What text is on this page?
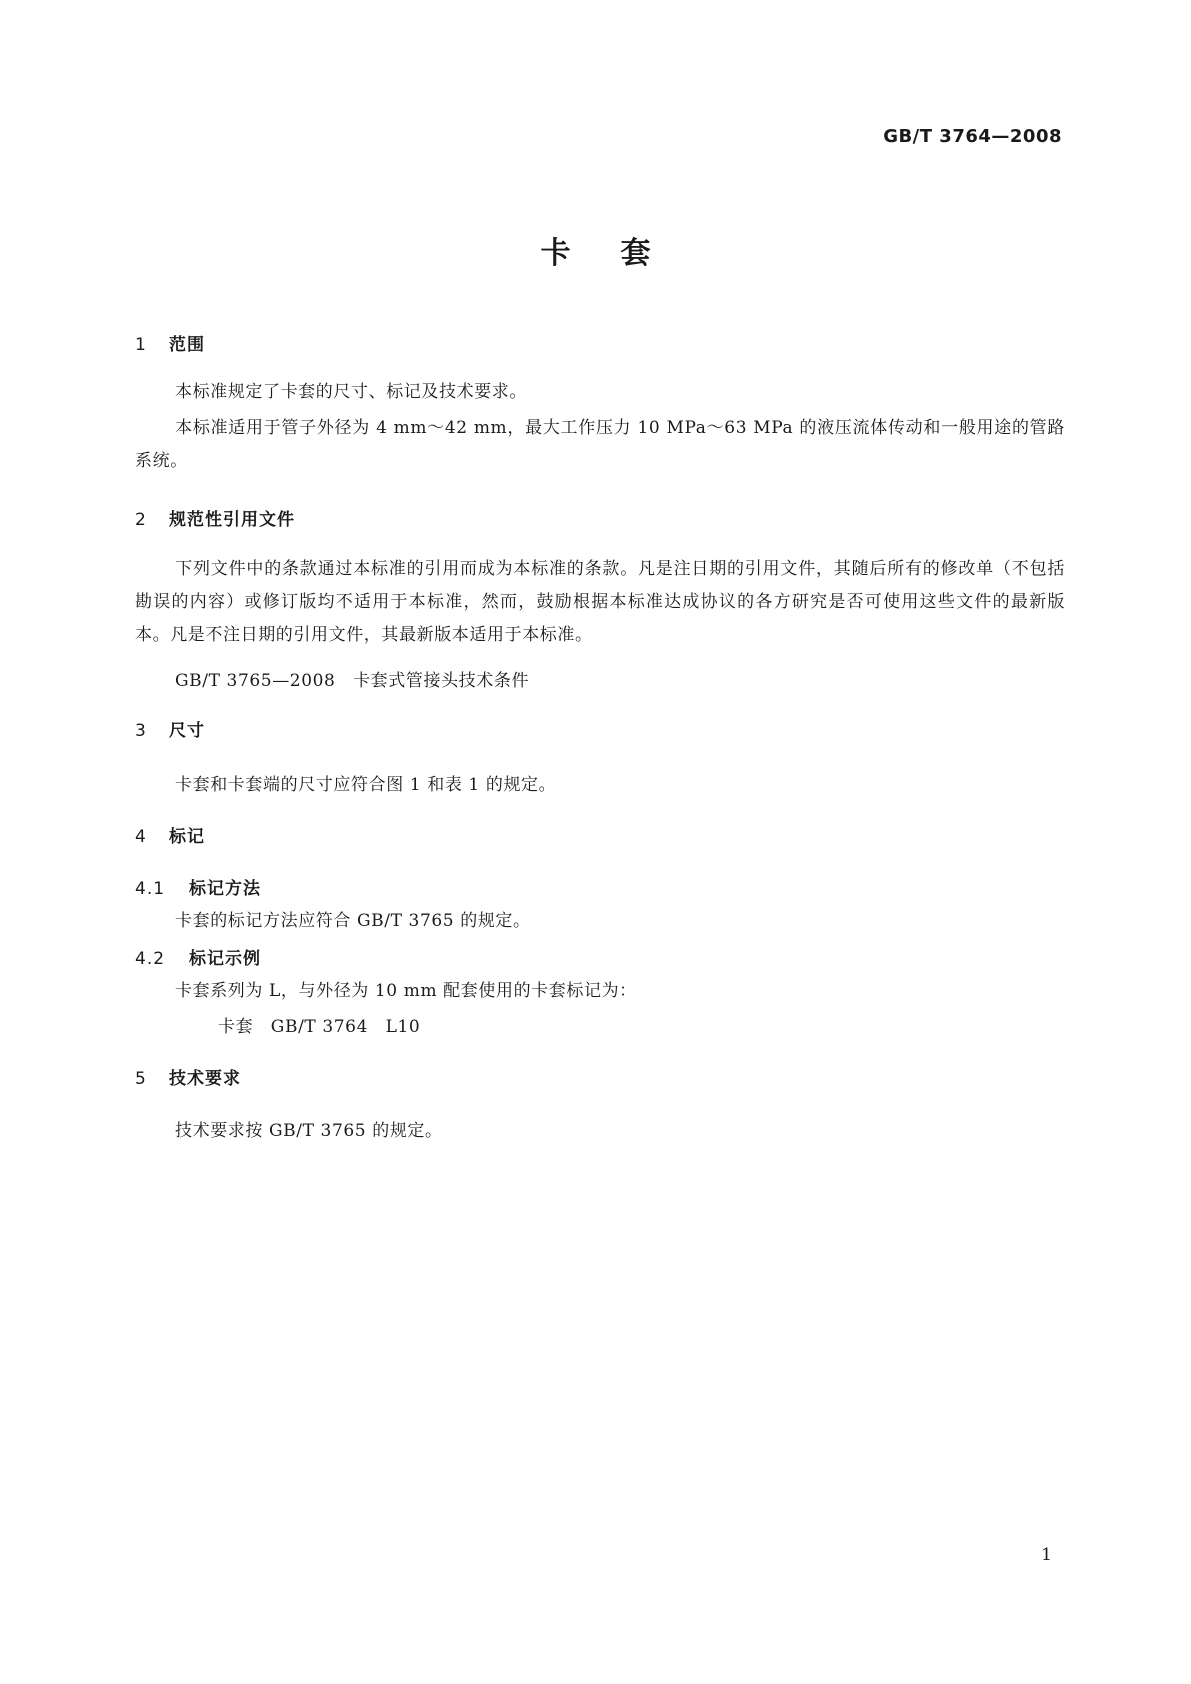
GB/T 3764—2008
卡套
1 范围
本标准规定了卡套的尺寸、标记及技术要求。
本标准适用于管子外径为 4 mm～42 mm，最大工作压力 10 MPa～63 MPa 的液压流体传动和一般用途的管路系统。
2 规范性引用文件
下列文件中的条款通过本标准的引用而成为本标准的条款。凡是注日期的引用文件，其随后所有的修改单（不包括勘误的内容）或修订版均不适用于本标准，然而，鼓励根据本标准达成协议的各方研究是否可使用这些文件的最新版本。凡是不注日期的引用文件，其最新版本适用于本标准。
GB/T 3765—2008　卡套式管接头技术条件
3 尺寸
卡套和卡套端的尺寸应符合图 1 和表 1 的规定。
4 标记
4.1 标记方法
卡套的标记方法应符合 GB/T 3765 的规定。
4.2 标记示例
卡套系列为 L，与外径为 10 mm 配套使用的卡套标记为：
卡套　GB/T 3764　L10
5 技术要求
技术要求按 GB/T 3765 的规定。
1
